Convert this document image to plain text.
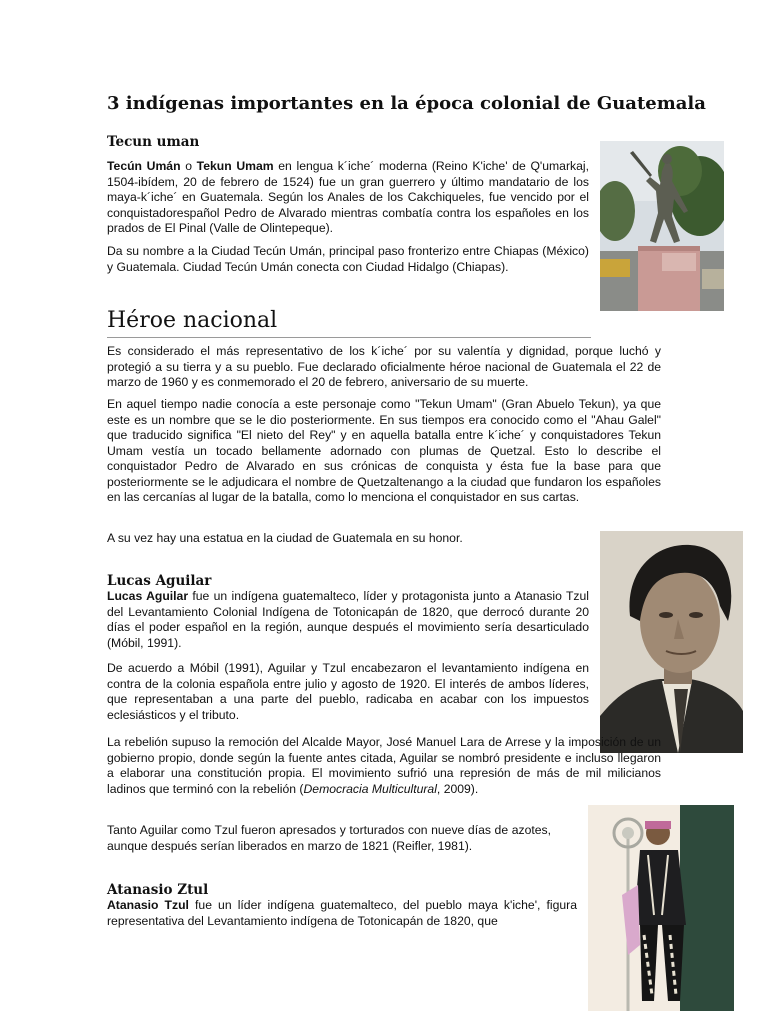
3 indígenas importantes en la época colonial de Guatemala
Tecun uman

Tecún Umán o Tekun Umam en lengua k´iche´ moderna (Reino K'iche' de Q'umarkaj, 1504-ibídem, 20 de febrero de 1524) fue un gran guerrero y último mandatario de los maya-k´iche´ en Guatemala. Según los Anales de los Cakchiqueles, fue vencido por el conquistadorespañol Pedro de Alvarado mientras combatía contra los españoles en los prados de El Pinal (Valle de Olintepeque).

Da su nombre a la Ciudad Tecún Umán, principal paso fronterizo entre Chiapas (México) y Guatemala. Ciudad Tecún Umán conecta con Ciudad Hidalgo (Chiapas).

Héroe nacional

Es considerado el más representativo de los k´iche´ por su valentía y dignidad, porque luchó y protegió a su tierra y a su pueblo. Fue declarado oficialmente héroe nacional de Guatemala el 22 de marzo de 1960 y es conmemorado el 20 de febrero, aniversario de su muerte.

En aquel tiempo nadie conocía a este personaje como "Tekun Umam" (Gran Abuelo Tekun), ya que este es un nombre que se le dio posteriormente. En sus tiempos era conocido como el "Ahau Galel" que traducido significa "El nieto del Rey" y en aquella batalla entre k´iche´ y conquistadores Tekun Umam vestía un tocado bellamente adornado con plumas de Quetzal. Esto lo describe el conquistador Pedro de Alvarado en sus crónicas de conquista y ésta fue la base para que posteriormente se le adjudicara el nombre de Quetzaltenango a la ciudad que fundaron los españoles en las cercanías al lugar de la batalla, como lo menciona el conquistador en sus cartas.

A su vez hay una estatua en la ciudad de Guatemala en su honor.

Lucas Aguilar

Lucas Aguilar fue un indígena guatemalteco, líder y protagonista junto a Atanasio Tzul del Levantamiento Colonial Indígena de Totonicapán de 1820, que derrocó durante 20 días el poder español en la región, aunque después el movimiento sería desarticulado (Móbil, 1991).

De acuerdo a Móbil (1991), Aguilar y Tzul encabezaron el levantamiento indígena en contra de la colonia española entre julio y agosto de 1920. El interés de ambos líderes, que representaban a una parte del pueblo, radicaba en acabar con los impuestos eclesiásticos y el tributo.

La rebelión supuso la remoción del Alcalde Mayor, José Manuel Lara de Arrese y la imposición de un gobierno propio, donde según la fuente antes citada, Aguilar se nombró presidente e incluso llegaron a elaborar una constitución propia. El movimiento sufrió una represión de más de mil milicianos ladinos que terminó con la rebelión (Democracia Multicultural, 2009).

Tanto Aguilar como Tzul fueron apresados y torturados con nueve días de azotes, aunque después serían liberados en marzo de 1821 (Reifler, 1981).

Atanasio Ztul

Atanasio Tzul fue un líder indígena guatemalteco, del pueblo maya k'iche', figura representativa del Levantamiento indígena de Totonicapán de 1820, que
